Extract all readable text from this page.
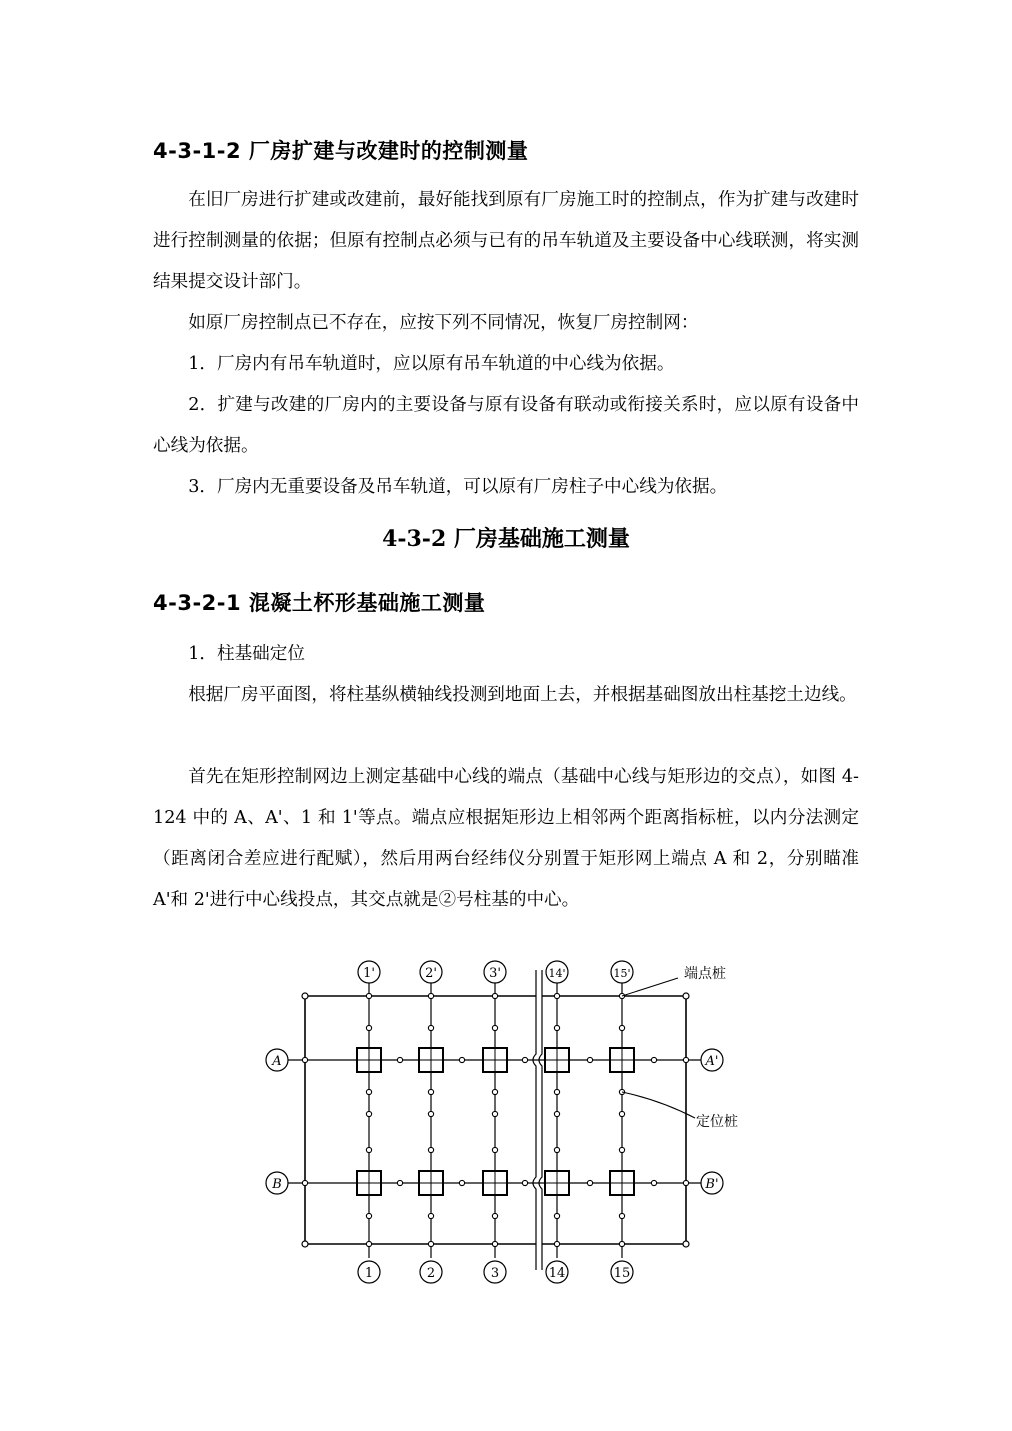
4-3-1-2 厂房扩建与改建时的控制测量
在旧厂房进行扩建或改建前，最好能找到原有厂房施工时的控制点，作为扩建与改建时进行控制测量的依据；但原有控制点必须与已有的吊车轨道及主要设备中心线联测，将实测结果提交设计部门。
如原厂房控制点已不存在，应按下列不同情况，恢复厂房控制网：
1．厂房内有吊车轨道时，应以原有吊车轨道的中心线为依据。
2．扩建与改建的厂房内的主要设备与原有设备有联动或衔接关系时，应以原有设备中心线为依据。
3．厂房内无重要设备及吊车轨道，可以原有厂房柱子中心线为依据。
4-3-2 厂房基础施工测量
4-3-2-1 混凝土杯形基础施工测量
1．柱基础定位
根据厂房平面图，将柱基纵横轴线投测到地面上去，并根据基础图放出柱基挖土边线。
首先在矩形控制网边上测定基础中心线的端点（基础中心线与矩形边的交点），如图 4-124 中的 A、A'、1 和 1'等点。端点应根据矩形边上相邻两个距离指标桩，以内分法测定（距离闭合差应进行配赋），然后用两台经纬仪分别置于矩形网上端点 A 和 2，分别瞄准 A'和 2'进行中心线投点，其交点就是②号柱基的中心。
1'	2'	3'	14'	15'
1	2	3	14	15
A
B
A'
B'
端点桩
定位桩
